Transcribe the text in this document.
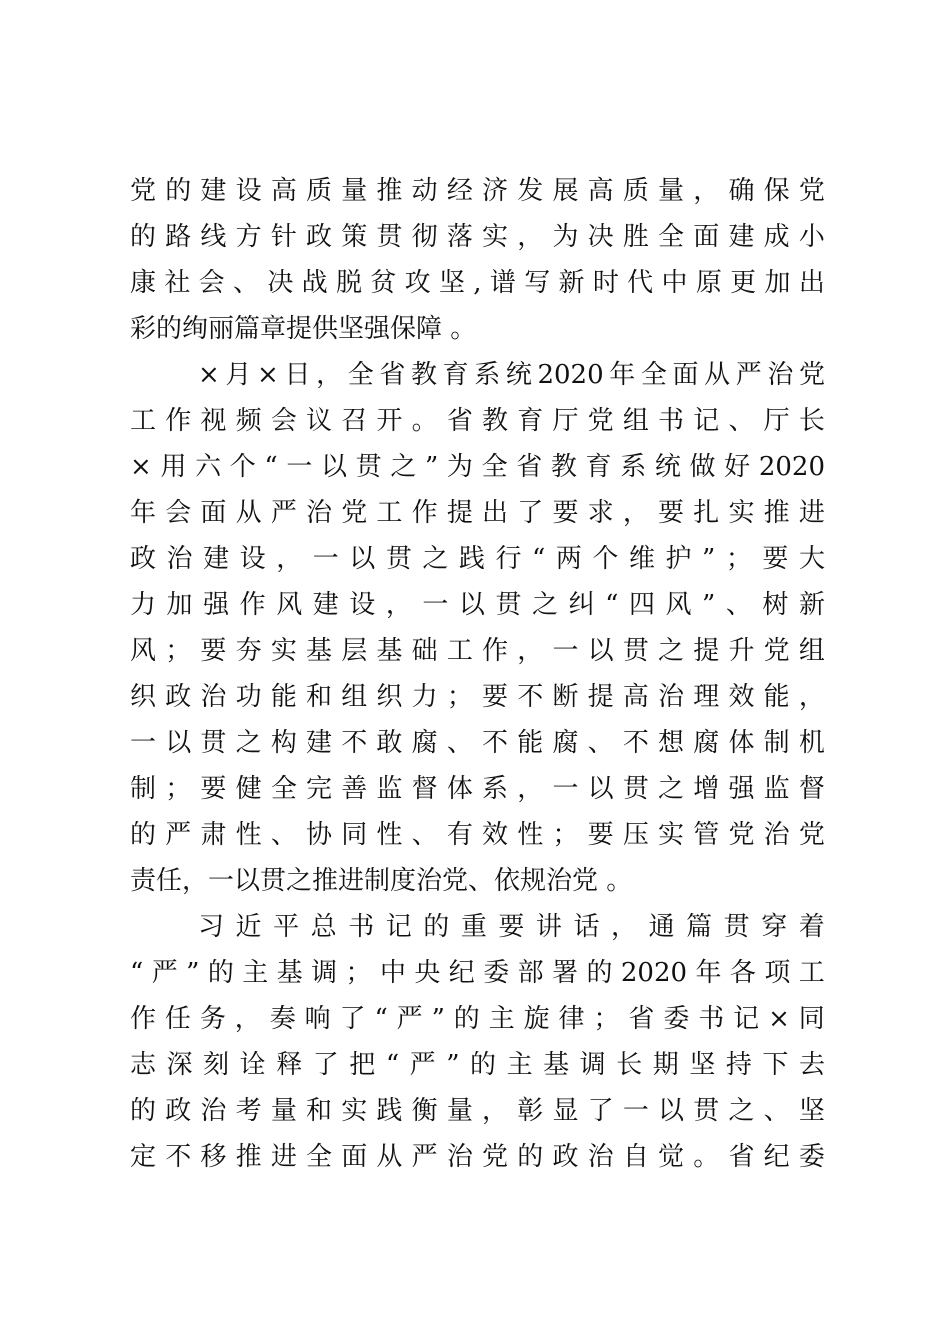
党 的 建 设 高 质 量 推 动 经 济 发 展 高 质 量 ， 确 保 党
的 路 线 方 针 政 策 贯 彻 落 实 ， 为 决 胜 全 面 建 成 小
康 社 会 、 决 战 脱 贫 攻 坚 , 谱 写 新 时 代 中 原 更 加 出
彩的绚丽篇章提供坚强保障 。
× 月 × 日 ， 全 省 教 育 系 统 2020 年 全 面 从 严 治 党
工 作 视 频 会 议 召 开 。 省 教 育 厅 党 组 书 记 、 厅 长
× 用 六 个 “ 一 以 贯 之 ” 为 全 省 教 育 系 统 做 好 2020
年 会 面 从 严 治 党 工 作 提 出 了 要 求 ， 要 扎 实 推 进
政 治 建 设 ， 一 以 贯 之 践 行 “ 两 个 维 护 ” ； 要 大
力 加 强 作 风 建 设 ， 一 以 贯 之 纠 “ 四 风 ” 、 树 新
风 ； 要 夯 实 基 层 基 础 工 作 ， 一 以 贯 之 提 升 党 组
织 政 治 功 能 和 组 织 力 ； 要 不 断 提 高 治 理 效 能 ，
一 以 贯 之 构 建 不 敢 腐 、 不 能 腐 、 不 想 腐 体 制 机
制 ； 要 健 全 完 善 监 督 体 系 ， 一 以 贯 之 增 强 监 督
的 严 肃 性 、 协 同 性 、 有 效 性 ； 要 压 实 管 党 治 党
责任，一以贯之推进制度治党、依规治党 。
习 近 平 总 书 记 的 重 要 讲 话 ， 通 篇 贯 穿 着
“ 严 ” 的 主 基 调 ； 中 央 纪 委 部 署 的 2020 年 各 项 工
作 任 务 ， 奏 响 了 “ 严 ” 的 主 旋 律 ； 省 委 书 记 × 同
志 深 刻 诠 释 了 把 “ 严 ” 的 主 基 调 长 期 坚 持 下 去
的 政 治 考 量 和 实 践 衡 量 ， 彰 显 了 一 以 贯 之 、 坚
定 不 移 推 进 全 面 从 严 治 党 的 政 治 自 觉 。 省 纪 委
